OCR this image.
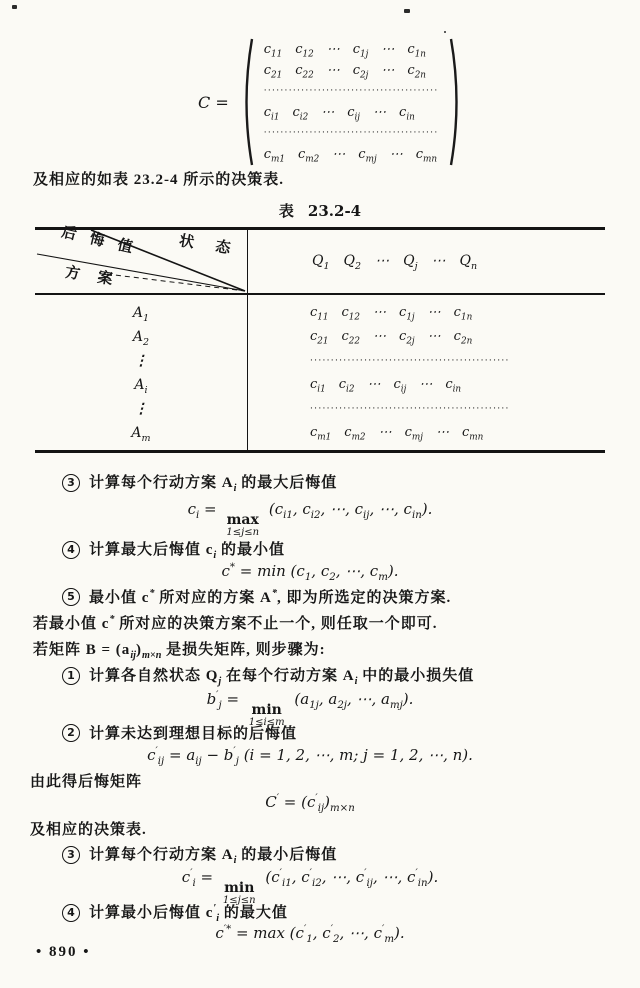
C =
$c_{11}$  $c_{12}$  ⋯  $c_{1j}$  ⋯  $c_{1n}$
$c_{21}$  $c_{22}$  ⋯  $c_{2j}$  ⋯  $c_{2n}$
··········································
$c_{i1}$  $c_{i2}$  ⋯  $c_{ij}$  ⋯  $c_{in}$
··········································
$c_{m1}$  $c_{m2}$  ⋯  $c_{mj}$  ⋯  $c_{mn}$
及相应的如表 23.2-4 所示的决策表.
表 23.2-4
后 悔 值	状 态
方 案
$Q_1$  $Q_2$  ⋯  $Q_j$  ⋯  $Q_n$
$A_1$	$c_{11}$  $c_{12}$  ⋯  $c_{1j}$  ⋯  $c_{1n}$
$A_2$	$c_{21}$  $c_{22}$  ⋯  $c_{2j}$  ⋯  $c_{2n}$
⋮	················································
$A_i$	$c_{i1}$  $c_{i2}$  ⋯  $c_{ij}$  ⋯  $c_{in}$
⋮	················································
$A_m$	$c_{m1}$  $c_{m2}$  ⋯  $c_{mj}$  ⋯  $c_{mn}$
3 计算每个行动方案 $A_i$ 的最大后悔值
$c_i$ =
max
1≤j≤n
($c_{i1}$, $c_{i2}$, ⋯, $c_{ij}$, ⋯, $c_{in}$).
4 计算最大后悔值 $c_i$ 的最小值
$c^* = \min (c_1$, $c_2$, ⋯, $c_m$).
5 最小值 c* 所对应的方案 A*, 即为所选定的决策方案.
若最小值 c* 所对应的决策方案不止一个, 则任取一个即可.
若矩阵 $B = (a_{ij})_{m\times n}$ 是损失矩阵, 则步骤为:
1 计算各自然状态 $Q_j$ 在每个行动方案 $A_i$ 中的最小损失值
$b'_j$ =
min
1≤i≤m
($a_{1j}$, $a_{2j}$, ⋯, $a_{mj}$).
2 计算未达到理想目标的后悔值
$c'_{ij} = a_{ij} - b'_j$ (i = 1, 2, ⋯, m; j = 1, 2, ⋯, n).
由此得后悔矩阵
$C' = (c'_{ij})_{m\times n}$
及相应的决策表.
3 计算每个行动方案 $A_i$ 的最小后悔值
$c'_i$ =
min
1≤j≤n
($c'_{i1}$, $c'_{i2}$, ⋯, $c'_{ij}$, ⋯, $c'_{in}$).
4 计算最小后悔值 $c'_i$ 的最大值
$c^{'*} = \max (c'_1$, $c'_2$, ⋯, $c'_m$).
• 890 •
